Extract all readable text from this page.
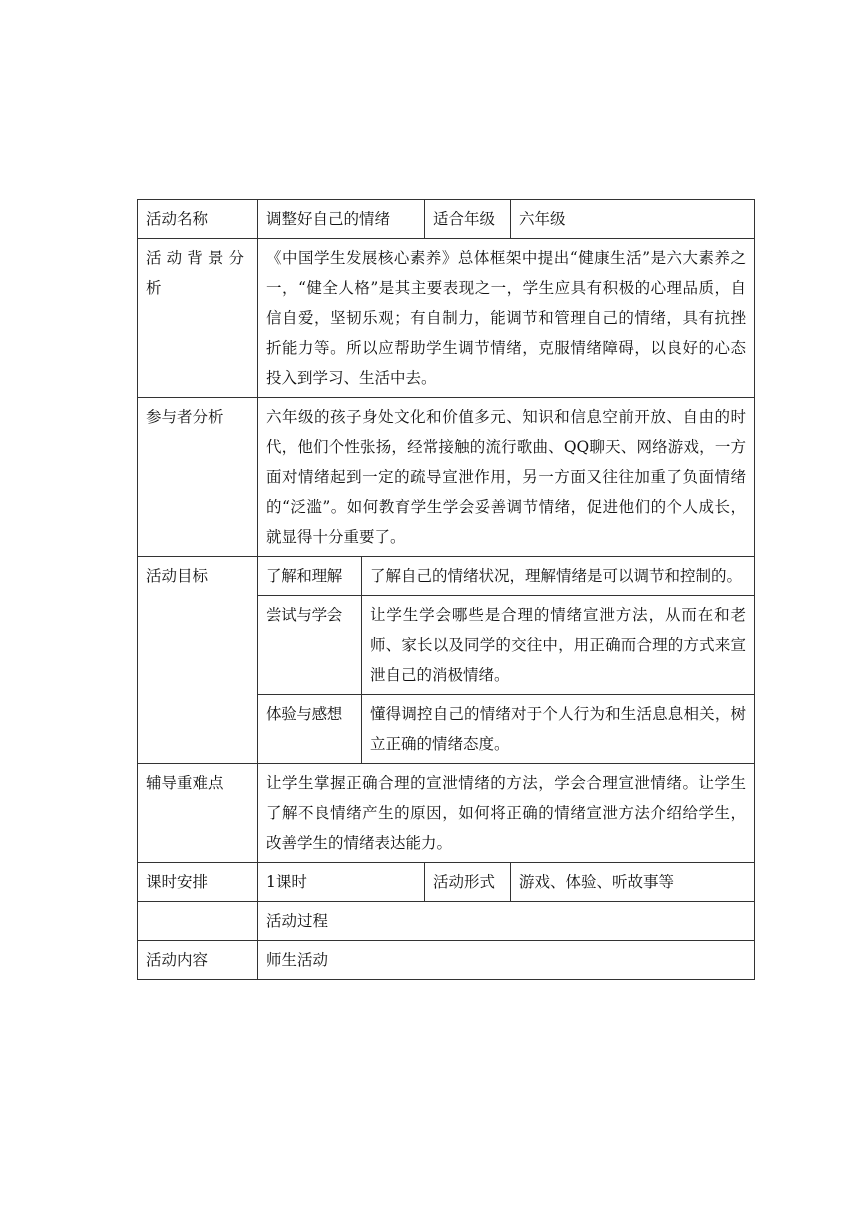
活动名称	调整好自己的情绪		适合年级	六年级
活动背景分析	《中国学生发展核心素养》总体框架中提出“健康生活”是六大素养之一，“健全人格”是其主要表现之一，学生应具有积极的心理品质，自信自爱，坚韧乐观；有自制力，能调节和管理自己的情绪，具有抗挫折能力等。所以应帮助学生调节情绪，克服情绪障碍，以良好的心态投入到学习、生活中去。			
参与者分析	六年级的孩子身处文化和价值多元、知识和信息空前开放、自由的时代，他们个性张扬，经常接触的流行歌曲、QQ聊天、网络游戏，一方面对情绪起到一定的疏导宣泄作用，另一方面又往往加重了负面情绪的“泛滥”。如何教育学生学会妥善调节情绪，促进他们的个人成长，就显得十分重要了。			
活动目标	了解和理解	了解自己的情绪状况，理解情绪是可以调节和控制的。		
	尝试与学会	让学生学会哪些是合理的情绪宣泄方法，从而在和老师、家长以及同学的交往中，用正确而合理的方式来宣泄自己的消极情绪。		
	体验与感想	懂得调控自己的情绪对于个人行为和生活息息相关，树立正确的情绪态度。		
辅导重难点	让学生掌握正确合理的宣泄情绪的方法，学会合理宣泄情绪。让学生了解不良情绪产生的原因，如何将正确的情绪宣泄方法介绍给学生，改善学生的情绪表达能力。			
课时安排	1课时		活动形式	游戏、体验、听故事等
	活动过程			
活动内容	师生活动			
